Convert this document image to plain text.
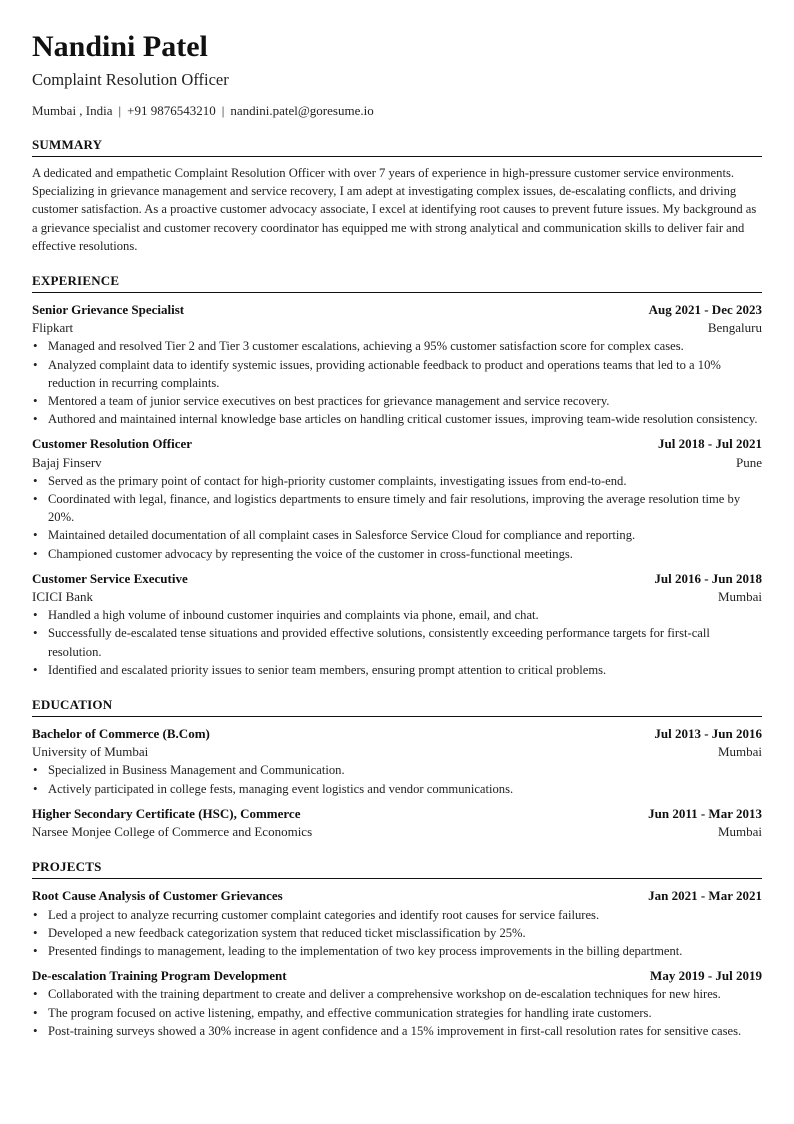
Nandini Patel
Complaint Resolution Officer
Mumbai , India | +91 9876543210 | nandini.patel@goresume.io
SUMMARY
A dedicated and empathetic Complaint Resolution Officer with over 7 years of experience in high-pressure customer service environments. Specializing in grievance management and service recovery, I am adept at investigating complex issues, de-escalating conflicts, and driving customer satisfaction. As a proactive customer advocacy associate, I excel at identifying root causes to prevent future issues. My background as a grievance specialist and customer recovery coordinator has equipped me with strong analytical and communication skills to deliver fair and effective resolutions.
EXPERIENCE
Senior Grievance Specialist	Aug 2021 - Dec 2023
Flipkart	Bengaluru
• Managed and resolved Tier 2 and Tier 3 customer escalations, achieving a 95% customer satisfaction score for complex cases.
• Analyzed complaint data to identify systemic issues, providing actionable feedback to product and operations teams that led to a 10% reduction in recurring complaints.
• Mentored a team of junior service executives on best practices for grievance management and service recovery.
• Authored and maintained internal knowledge base articles on handling critical customer issues, improving team-wide resolution consistency.
Customer Resolution Officer	Jul 2018 - Jul 2021
Bajaj Finserv	Pune
• Served as the primary point of contact for high-priority customer complaints, investigating issues from end-to-end.
• Coordinated with legal, finance, and logistics departments to ensure timely and fair resolutions, improving the average resolution time by 20%.
• Maintained detailed documentation of all complaint cases in Salesforce Service Cloud for compliance and reporting.
• Championed customer advocacy by representing the voice of the customer in cross-functional meetings.
Customer Service Executive	Jul 2016 - Jun 2018
ICICI Bank	Mumbai
• Handled a high volume of inbound customer inquiries and complaints via phone, email, and chat.
• Successfully de-escalated tense situations and provided effective solutions, consistently exceeding performance targets for first-call resolution.
• Identified and escalated priority issues to senior team members, ensuring prompt attention to critical problems.
EDUCATION
Bachelor of Commerce (B.Com)	Jul 2013 - Jun 2016
University of Mumbai	Mumbai
• Specialized in Business Management and Communication.
• Actively participated in college fests, managing event logistics and vendor communications.
Higher Secondary Certificate (HSC), Commerce	Jun 2011 - Mar 2013
Narsee Monjee College of Commerce and Economics	Mumbai
PROJECTS
Root Cause Analysis of Customer Grievances	Jan 2021 - Mar 2021
• Led a project to analyze recurring customer complaint categories and identify root causes for service failures.
• Developed a new feedback categorization system that reduced ticket misclassification by 25%.
• Presented findings to management, leading to the implementation of two key process improvements in the billing department.
De-escalation Training Program Development	May 2019 - Jul 2019
• Collaborated with the training department to create and deliver a comprehensive workshop on de-escalation techniques for new hires.
• The program focused on active listening, empathy, and effective communication strategies for handling irate customers.
• Post-training surveys showed a 30% increase in agent confidence and a 15% improvement in first-call resolution rates for sensitive cases.
